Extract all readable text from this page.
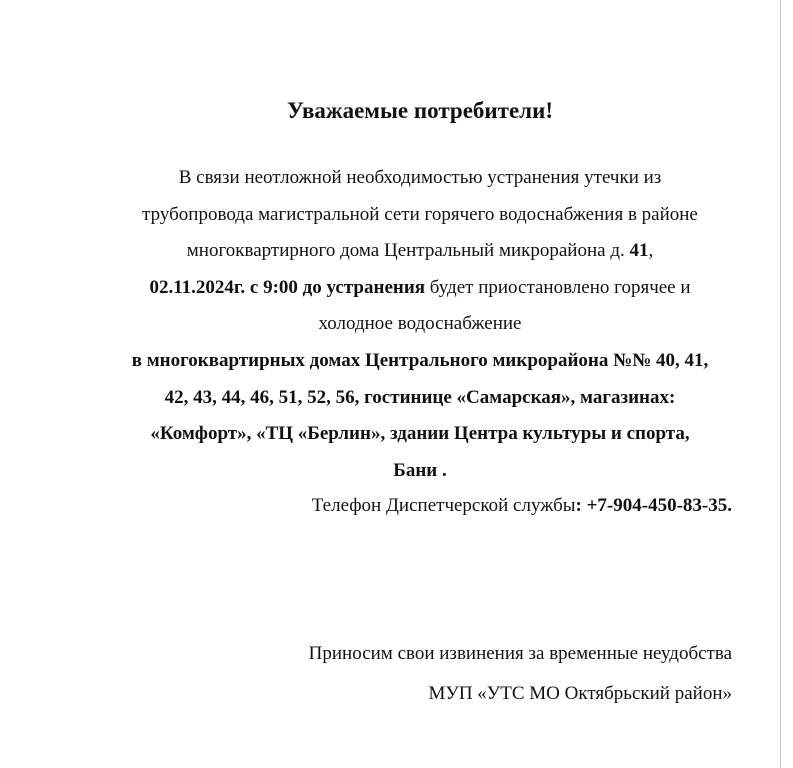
Уважаемые потребители!
В связи неотложной необходимостью устранения утечки из
трубопровода магистральной сети горячего водоснабжения в районе
многоквартирного дома Центральный микрорайона д. 41,
02.11.2024г. с 9:00 до устранения будет приостановлено горячее и
холодное водоснабжение
в многоквартирных домах Центрального микрорайона №№ 40, 41,
42, 43, 44, 46, 51, 52, 56, гостинице «Самарская», магазинах:
«Комфорт», «ТЦ «Берлин», здании Центра культуры и спорта,
Бани .
Телефон Диспетчерской службы: +7-904-450-83-35.
Приносим свои извинения за временные неудобства
МУП «УТС МО Октябрьский район»
